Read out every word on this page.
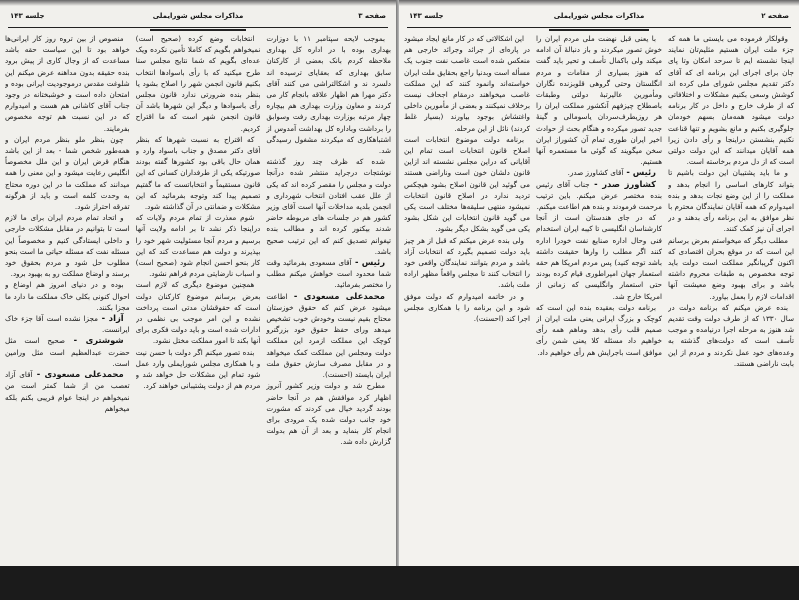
صفحه ۳
مذاکرات مجلس شورایملی
جلسه ۱۴۳

بموجب لایحه سپتامبر ۱۱ با دوزارت بهداری بوده با در اداره کل بهداری ملاحظه کردم بانک بعضی از کارکنان سابق بهداری که بعقایای ترسیده اند دلسرد ند و اشکالتراشی می کنند آقای دکتر مهرا هم اظهار علاقه بانجام کار می کردند و معاون وزارت بهداری هم بیچاره چهار مرتبه بوزارت بهداری رفت وسوابق را برداشت وباداره کل بهداشت آمدوس از اشتباهکاری که میکردند مشغول رسیدگی شد.

شده که ظرف چند روز گذشته نوشتجات درجراید منتشر شده درآنجا دولت و مجلس را مقصر کرده اند که یکی از علل عقب افتادن انتخاب شهرداری و انجمن بلدیه مداخلات آنها است آقای وزیر کشور هم در جلسات های مربوطه حاضر شدند بیکتور کرده اند و مطالب بنده تیغوانم تصدیق کنم که این ترتیب صحیح باشد.

رئیس - آقای مسعودی بفرمائید وقت شما محدود است خواهش میکنم مطلب را مختصر بفرمائید.

محمدعلی مسعودی - اطاعت میشود عرض کنم که حقوق خوزستان محتاج بقیم نیست وخودش خوب تشخیص میدهد ورای حفظ حقوق خود بزرگترو کوچک این مملکت ازمرد این مملکت دولت ومجلس این مملکت کمک میخواهد و در مقابل مصرف سازش حقوق ملت ایران بایستد (احسنت).

مطرح شد و دولت وزیر کشور آنروز اظهار کرد موافقش هم در آنجا حاضر بودند گردید خیال می کردند که مشورت خود جانب دولت شده یک مرودی برای انجام کار بنماید و بعد از آن هم بدولت گزارش داده شد.

انتخابات وضع کرده (صحیح است) نمیخواهم بگویم که کاملا تأمین نکرده ویک عده‌ای بگویم که شما نتایج مجلس سنا طرح میکنید که با رأی باسوادها انتخاب بکنیم قانون انجمن شهر را اصلاح بشود یا بنظر بنده ضرورتی ندارد قانون مجلس رأی باسوادها و دیگر این شهرها باشد آن قانون انجمن شهر است که ما اقتراح کردیم.

که اقتراح به نسبت شهرها که بنظر آقای دکتر مصدق و جناب باسواد وارد و همان حال باقی بود کشورها گفته بودند صورتیکه یکی از طرفداران کسانی که این قانون مستقیماً و انتخاباتست که ما گفتیم تصمیم پیدا کند وتوجه بفرمائید که این مشکلات و ضمانتی در آن گذاشته شود.

شوم معذرت از تمام مردم ولایات که دراینجا ذکر نشد تا بر ادامه ولایت آنها برسیم و مردم آنجا مسئولیت شهر خود را بپذیرند و دولت هم مساعدت کند که این کار بنحو احسن انجام شود (صحیح است) و اسباب نارضایتی مردم فراهم نشود.

همچنین موضوع دیگری که لازم است بعرض برسانم موضوع کارکنان دولت است که حقوقشان مدتی است پرداخت نشده و این امر موجب بی نظمی در ادارات شده است و باید دولت فکری برای آنها بکند تا امور مملکت مختل نشود.

بنده تصور میکنم اگر دولت با حسن نیت و با همکاری مجلس شورایملی وارد عمل شود تمام این مشکلات حل خواهد شد و مردم هم از دولت پشتیبانی خواهند کرد.

منصوص از بین تروه روز کار ایرانی‌ها خواهد بود تا این سیاست حقه باشد مساعدت که از وجال کاری از پیش برود بنده حقیقه بدون مداهنه عرض میکنم این شلوغت مقدس درموجودیت ایرانی بوده و امتحان داده است و خوشبختانه در وجود جناب آقای کاشانی هم هست و امیدوارم که در این نسبت هم توجه مخصوص بفرمایند.

چون بنظر ملو بنظر مردم ایران و همه‌طور شخص شما - بعد از این باشد هنگام قرض ایران و این ملل مخصوصاً انگلیس رعایت میشود و این معنی را همه میدانند که مملکت ما در این دوره محتاج به وحدت کلمه است و باید از هرگونه تفرقه احتراز شود.

و اتحاد تمام مردم ایران برای ما لازم است تا بتوانیم در مقابل مشکلات خارجی و داخلی ایستادگی کنیم و مخصوصاً این مسئله نفت که مسئله حیاتی ما است بنحو مطلوب حل شود و مردم بحقوق خود برسند و اوضاع مملکت رو به بهبود برود.

بوده و در دنیای امروز هم اوضاع و احوال کنونی بکلی خاک مملکت ما دارد ما مجزا بکنند.

آزاد - مجزا نشده است آقا جزء خاک ایرانست.

شوشتری - صحیح است مثل حضرت عبدالعظیم است مثل ورامین است.

محمدعلی مسعودی - آقای آزاد تعصب من از شما کمتر است من نمیخواهم در اینجا عوام فریبی بکنم بلکه میخواهم

صفحه ۲
مذاکرات مجلس شورایملی
جلسه ۱۴۳

وقولکار فرموده می بایستی ما همه که جزء ملت ایران هستیم مثلیم‌تان نمایند اینجا نشسته ایم تا سرحد امکان وتا پای جان برای اجرای این برنامه ای که آقای دکتر تقدیم مجلس شورای ملی کرده اند کوشش وسعی بکنیم مشکلات و اختلافاتی که از طرف خارج و داخل در کار برنامه دولت میشود همه‌مان بسهم خودمان جلوگیری بکنیم و مانع بشویم و تنها قناعت نکنیم بنشستن دراینجا و رأی دادن زیرا همه آقایان میدانند که این دولت دولتی است که از دل مردم برخاسته است.

و ما باید پشتیبان این دولت باشیم تا بتواند کارهای اساسی را انجام بدهد و مملکت را از این وضع نجات بدهد و بنده امیدوارم که همه آقایان نمایندگان محترم با نظر موافق به این برنامه رأی بدهند و در اجرای آن نیز کمک کنند.

مطلب دیگر که میخواستم بعرض برسانم این است که در موقع بحران اقتصادی که اکنون گریبانگیر مملکت است دولت باید توجه مخصوص به طبقات محروم داشته باشد و برای بهبود وضع معیشت آنها اقدامات لازم را بعمل بیاورد.

بنده عرض میکنم که برنامه دولت در سال ۱۳۳۰ که از طرف دولت وقت تقدیم شد هنوز به مرحله اجرا درنیامده و موجب تأسف است که دولت‌های گذشته به وعده‌های خود عمل نکردند و مردم از این بابت ناراضی هستند.

با یعنی قبل نهضت ملی مردم ایران را خوش تصور میکردند و باز دنبالهٔ آن ادامه میکند ولی باکمال تأسف و تحیر باید گفت که هنوز بسیاری از مقامات و مردم انگلستان وحتی گروهی قلوبزنده نگاران ومأمورین عالیرتبهٔ دولتی وطبقات باصطلاح چیزفهم آنکشور مملکت ایران را هر روزیطرف‌سردان یاسومالی و گینهٔ جدید تصور میکرده و هنگام بحث از حوادث اخیر ایران طوری تمام آن کشوراز ایران سخن میگویند که گوئی ما مستعمره آنها هستیم.

رئیس - آقای کشاورز صدر.

کشاورز صدر - جناب آقای رئیس بنده مختصر عرض میکنم. باین ترتیب مرحمت فرمودند و بنده هم اطاعت میکنم.

که در جای هندستان است از آنجا کارشناسان انگلیسی تا کیبه ایران استخدام فنی وحال اداره صنایع نفت خودرا اداره کنند اگر مطلب را وارها حقیقت داشته باشد توجه کنید) پس مردم امریکا هم حقه استعمار جهان امپراطوری قیام کرده بودند حتی استعمار وانگلیسی که زمانی از امریکا خارج شد.

برنامه دولت بعقیده بنده این است که کوچک و بزرگ ایرانی یعنی ملت ایران از صمیم قلب رأی بدهد وماهم همه رأی خواهیم داد مسئله کلا یعنی شمن رأی موافق است باجرایش هم رأی خواهیم داد.

این اشکالاتی که در کار مانع ایجاد میشود در پاره‌ای از جرائد وجرائد خارجی هم منعکس شده است غاصب نفت جنوب یک مسأله است وبدنیا راجع بحقایق ملت ایران خواسته‌اند وانمود کنند که این مملکت غاصب میخواهند درمقام اجحاف نیست برخلاف نمیکنند و بعضی از مأمورین داخلی واغتشاش بوجود بیاورند (بسیار غلط کردند) نائل از این مرحله.

برنامه دولت موضوع انتخابات است اصلاح قانون انتخابات است تمام این آقایانی که دراین مجلس نشسته اند ازاین قانون دلشان خون است وناراضی هستند می گوئید این قانون اصلاح بشود هیچکس تردید ندارد در اصلاح قانون انتخابات نمیشود منتهی سلیقه‌ها مختلف است یکی می گوید قانون انتخابات این شکل بشود یکی می گوید بشکل دیگر بشود.

ولی بنده عرض میکنم که قبل از هر چیز باید دولت تصمیم بگیرد که انتخابات آزاد باشد و مردم بتوانند نمایندگان واقعی خود را انتخاب کنند تا مجلس واقعاً مظهر اراده ملت باشد.

و در خاتمه امیدوارم که دولت موفق شود و این برنامه را با همکاری مجلس اجرا کند (احسنت).
